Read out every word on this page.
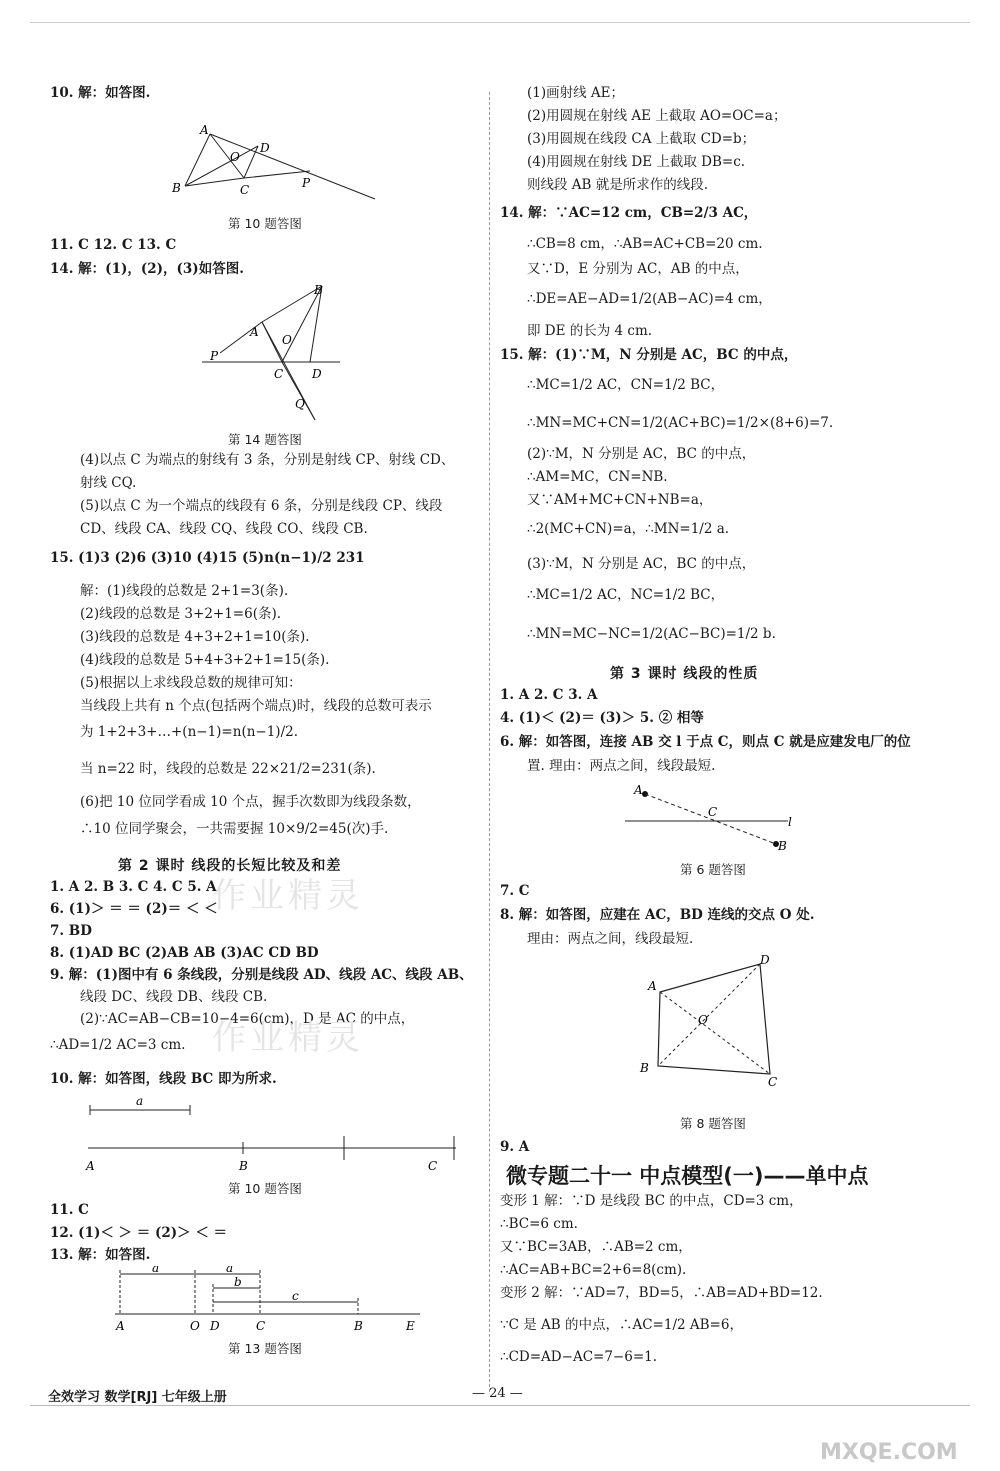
10. 解：如答图.
A
D
O
B	C	P
第 10 题答图
11. C 12. C 13. C
14. 解：(1)，(2)，(3)如答图.
B
A
O
P
C D
Q
第 14 题答图
(4)以点 C 为端点的射线有 3 条，分别是射线 CP、射线 CD、
射线 CQ.
(5)以点 C 为一个端点的线段有 6 条，分别是线段 CP、线段
CD、线段 CA、线段 CQ、线段 CO、线段 CB.
15. (1)3 (2)6 (3)10 (4)15 (5)n(n−1)/2 231
解：(1)线段的总数是 2+1=3(条).
(2)线段的总数是 3+2+1=6(条).
(3)线段的总数是 4+3+2+1=10(条).
(4)线段的总数是 5+4+3+2+1=15(条).
(5)根据以上求线段总数的规律可知：
当线段上共有 n 个点(包括两个端点)时，线段的总数可表示
为 1+2+3+…+(n−1)=n(n−1)/2.
当 n=22 时，线段的总数是 22×21/2=231(条).
(6)把 10 位同学看成 10 个点，握手次数即为线段条数，
∴10 位同学聚会，一共需要握 10×9/2=45(次)手.
第 2 课时 线段的长短比较及和差
1. A 2. B 3. C 4. C 5. A
6. (1)＞ ＝ ＝ (2)＝ ＜ ＜
7. BD
8. (1)AD BC (2)AB AB (3)AC CD BD
9. 解：(1)图中有 6 条线段，分别是线段 AD、线段 AC、线段 AB、
线段 DC、线段 DB、线段 CB.
(2)∵AC=AB−CB=10−4=6(cm)，D 是 AC 的中点，
∴AD=1/2 AC=3 cm.
10. 解：如答图，线段 BC 即为所求.
a
A	B	C
第 10 题答图
11. C
12. (1)＜ ＞ ＝ (2)＞ ＜ ＝
13. 解：如答图.
a	a
b
c
A	O D	C	B	E
第 13 题答图
作业精灵
作业精灵
(1)画射线 AE；
(2)用圆规在射线 AE 上截取 AO=OC=a；
(3)用圆规在线段 CA 上截取 CD=b；
(4)用圆规在射线 DE 上截取 DB=c.
则线段 AB 就是所求作的线段.
14. 解：∵AC=12 cm，CB=2/3 AC，
∴CB=8 cm，∴AB=AC+CB=20 cm.
又∵D，E 分别为 AC，AB 的中点，
∴DE=AE−AD=1/2(AB−AC)=4 cm，
即 DE 的长为 4 cm.
15. 解：(1)∵M，N 分别是 AC，BC 的中点，
∴MC=1/2 AC，CN=1/2 BC，
∴MN=MC+CN=1/2(AC+BC)=1/2×(8+6)=7.
(2)∵M，N 分别是 AC，BC 的中点，
∴AM=MC，CN=NB.
又∵AM+MC+CN+NB=a，
∴2(MC+CN)=a，∴MN=1/2 a.
(3)∵M，N 分别是 AC，BC 的中点，
∴MC=1/2 AC，NC=1/2 BC，
∴MN=MC−NC=1/2(AC−BC)=1/2 b.
第 3 课时 线段的性质
1. A 2. C 3. A
4. (1)＜ (2)＝ (3)＞ 5. ② 相等
6. 解：如答图，连接 AB 交 l 于点 C，则点 C 就是应建发电厂的位
置. 理由：两点之间，线段最短.
A
C
l
B
第 6 题答图
7. C
8. 解：如答图，应建在 AC，BD 连线的交点 O 处.
理由：两点之间，线段最短.
A
D
O
B
C
第 8 题答图
9. A
微专题二十一 中点模型(一)——单中点
变形 1 解：∵D 是线段 BC 的中点，CD=3 cm，
∴BC=6 cm.
又∵BC=3AB，∴AB=2 cm，
∴AC=AB+BC=2+6=8(cm).
变形 2 解：∵AD=7，BD=5，∴AB=AD+BD=12.
∵C 是 AB 的中点，∴AC=1/2 AB=6，
∴CD=AD−AC=7−6=1.
全效学习 数学[RJ] 七年级上册	— 24 —
MXQE.COM
